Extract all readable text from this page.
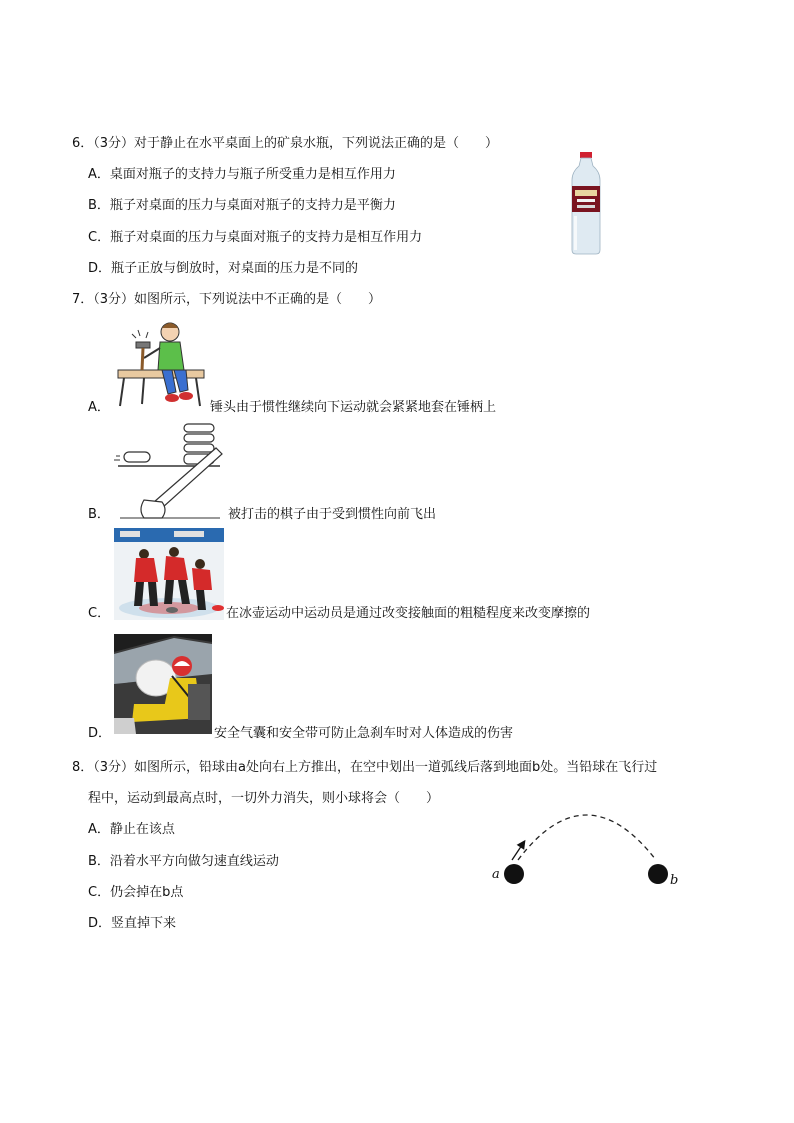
6．（3分）对于静止在水平桌面上的矿泉水瓶，下列说法正确的是（　　）
A．桌面对瓶子的支持力与瓶子所受重力是相互作用力
B．瓶子对桌面的压力与桌面对瓶子的支持力是平衡力
C．瓶子对桌面的压力与桌面对瓶子的支持力是相互作用力
D．瓶子正放与倒放时，对桌面的压力是不同的
7．（3分）如图所示，下列说法中不正确的是（　　）
A．	锤头由于惯性继续向下运动就会紧紧地套在锤柄上
B．	被打击的棋子由于受到惯性向前飞出
C．	在冰壶运动中运动员是通过改变接触面的粗糙程度来改变摩擦的
D．	安全气囊和安全带可防止急刹车时对人体造成的伤害
8．（3分）如图所示，铅球由a处向右上方推出，在空中划出一道弧线后落到地面b处。当铅球在飞行过
程中，运动到最高点时，一切外力消失，则小球将会（　　）
A．静止在该点
B．沿着水平方向做匀速直线运动
C．仍会掉在b点
D．竖直掉下来
a	b
